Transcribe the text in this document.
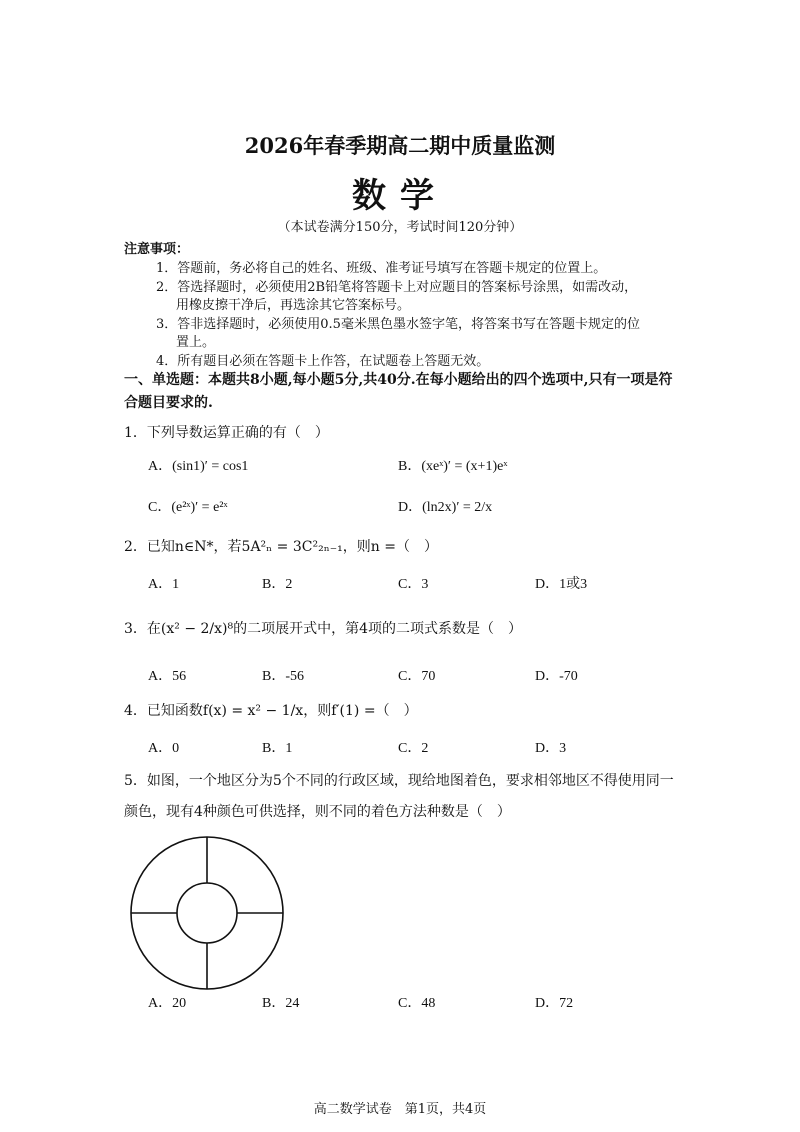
2026年春季期高二期中质量监测
数学
（本试卷满分150分，考试时间120分钟）
注意事项：
1．答题前，务必将自己的姓名、班级、准考证号填写在答题卡规定的位置上。
2．答选择题时，必须使用2B铅笔将答题卡上对应题目的答案标号涂黑，如需改动，
用橡皮擦干净后，再选涂其它答案标号。
3．答非选择题时，必须使用0.5毫米黑色墨水签字笔，将答案书写在答题卡规定的位
置上。
4．所有题目必须在答题卡上作答，在试题卷上答题无效。
一、单选题：本题共8小题,每小题5分,共40分.在每小题给出的四个选项中,只有一项是符
合题目要求的.
1．下列导数运算正确的有（　）
A．(sin1)′ = cos1	B．(xeˣ)′ = (x+1)eˣ
C．(e²ˣ)′ = e²ˣ	D．(ln2x)′ = 2/x
2．已知n∈N*，若5A²ₙ = 3C²₂ₙ₋₁，则n =（　）
A．1	B．2	C．3	D．1或3
3．在(x² − 2/x)⁸的二项展开式中，第4项的二项式系数是（　）
A．56	B．-56	C．70	D．-70
4．已知函数f(x) = x² − 1/x，则f′(1) =（　）
A．0	B．1	C．2	D．3
5．如图，一个地区分为5个不同的行政区域，现给地图着色，要求相邻地区不得使用同一
颜色，现有4种颜色可供选择，则不同的着色方法种数是（　）
A．20	B．24	C．48	D．72
高二数学试卷　第1页，共4页
